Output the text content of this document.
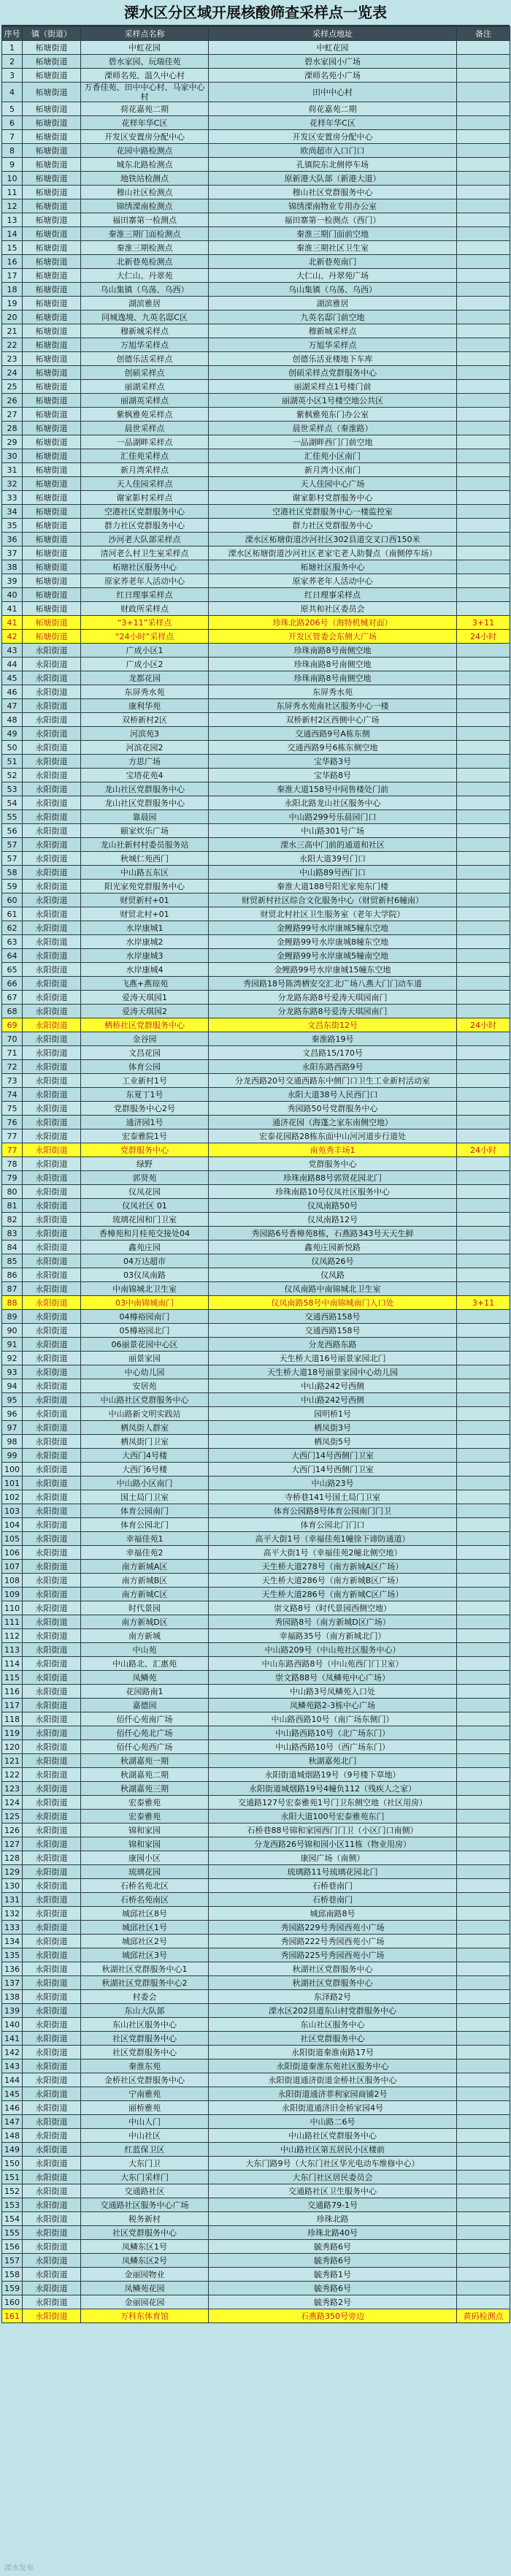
溧水区分区域开展核酸筛查采样点一览表
序号	镇（街道）	采样点名称	采样点地址	备注
1	柘塘街道	中虹花园	中虹花园	
2	柘塘街道	碧水家园、玩瑞佳苑	碧水家园小广场	
3	柘塘街道	溧师名苑、温久中心村	溧师名苑小广场	
4	柘塘街道	万香佳苑、田中中心村、马家中心村	田中中心村	
5	柘塘街道	荷花嘉苑二期	荷花嘉苑二期	
6	柘塘街道	花样年华C区	花样年华C区	
7	柘塘街道	开发区安置房分配中心	开发区安置房分配中心	
8	柘塘街道	花园中路检测点	欧尚超市入口门口	
9	柘塘街道	城东北路检测点	孔镇院东北侧停车场	
10	柘塘街道	地铁站检测点	原新港大队部（新港大道）	
11	柘塘街道	穆山社区检测点	穆山社区党群服务中心	
12	柘塘街道	锦绣溧南检测点	锦绣溧南物业专用办公室	
13	柘塘街道	福田寨第一检测点	福田寨第一检测点（西门）	
14	柘塘街道	秦淮三期门面检测点	秦淮三期门面前空地	
15	柘塘街道	秦淮三期检测点	秦淮三期社区卫生室	
16	柘塘街道	北新巷苑检测点	北新巷苑南门	
17	柘塘街道	大仁山、丹翠苑	大仁山、丹翠苑广场	
18	柘塘街道	乌山集镇（乌荡、乌西）	乌山集镇（乌荡、乌西）	
19	柘塘街道	湖滨雅居	湖滨雅居	
20	柘塘街道	同城逸境、九英名邸C区	九英名邸门前空地	
21	柘塘街道	穆新城采样点	穆新城采样点	
22	柘塘街道	万旭华采样点	万旭华采样点	
23	柘塘街道	创德乐活采样点	创德乐活亚楼地下车库	
24	柘塘街道	创硕采样点	创硕采样点党群服务中心	
25	柘塘街道	丽湖采样点	丽湖采样点1号楼门前	
26	柘塘街道	丽湖英采样点	丽湖英小区1号楼空地公共区	
27	柘塘街道	紫枫雅苑采样点	紫枫雅苑东门办公室	
28	柘塘街道	晨世采样点	晨世采样点（秦淮路）	
29	柘塘街道	一品湖畔采样点	一品湖畔西门门前空地	
30	柘塘街道	汇佳苑采样点	汇佳苑小区南门	
31	柘塘街道	新月湾采样点	新月湾小区南门	
32	柘塘街道	天人佳园采样点	天人佳园中心广场	
33	柘塘街道	谢家影村采样点	谢家影村党群服务中心	
34	柘塘街道	空港社区党群服务中心	空港社区党群服务中心一楼监控室	
35	柘塘街道	群力社区党群服务中心	群力社区党群服务中心	
36	柘塘街道	沙河老大队部采样点	溧水区柘塘街道沙河社区302县道交叉口西150米	
37	柘塘街道	清河老么村卫生室采样点	溧水区柘塘街道沙河社区老家宅老人助餐点（南侧停车场）	
38	柘塘街道	柘塘社区服务中心	柘塘社区服务中心	
39	柘塘街道	原家荞老年人活动中心	原家荞老年人活动中心	
40	柘塘街道	红日理事采样点	红日理事采样点	
41	柘塘街道	财政所采样点	原共和社区委员会	
41	柘塘街道	“3+11”采样点	珍珠北路206号（海特机械对面）	3+11
42	柘塘街道	“24小时”采样点	开发区管委会东侧大广场	24小时
43	永阳街道	广成小区1	珍珠南路8号南侧空地	
44	永阳街道	广成小区2	珍珠南路8号南侧空地	
45	永阳街道	龙都花园	珍珠南路8号南侧空地	
46	永阳街道	东屏秀水苑	东屏秀水苑	
47	永阳街道	康利华苑	东屏秀水苑南社区服务中心一楼	
48	永阳街道	双桥新村2区	双桥新村2区西侧中心广场	
49	永阳街道	河滨苑3	交通西路9号A栋东侧	
50	永阳街道	河滨花园2	交通西路9号6栋东侧空地	
51	永阳街道	方思广场	宝华路3号	
52	永阳街道	宝塔花苑4	宝华路8号	
53	永阳街道	龙山社区党群服务中心	秦淮大道158号中间售楼处门前	
54	永阳街道	龙山社区党群服务中心	永阳北路龙山社区服务中心	
55	永阳街道	靠晨园	中山路299号乐晨园门口	
56	永阳街道	颐家炊乐广场	中山路301号广场	
57	永阳街道	龙山社新村村委员服务站	溧水三高中门前的通道和社区	
57	永阳街道	秋城仁苑西门	永阳大道39号门口	
58	永阳街道	中山路五东区	中山路89号西门口	
59	永阳街道	阳光家苑党群服务中心	秦淮大道188号阳光家苑东门楼	
60	永阳街道	财贸新村+01	财贸新村社区综合文化服务中心（财贸新村6幢南）	
61	永阳街道	财贸北村+01	财贸北村社区卫生服务室（老年大学院）	
62	永阳街道	水岸康城1	金鲤路99号水岸康城5幢东空地	
63	永阳街道	水岸康城2	金鲤路99号水岸康城8幢东空地	
64	永阳街道	水岸康城3	金鲤路99号水岸康城5幢南空地	
65	永阳街道	水岸康城4	金鲤路99号水岸康城15幢东空地	
66	永阳街道	飞燕+燕琼苑	秀园路18号陈湾栖安交汇北广场八燕大门门动车道	
67	永阳街道	爱涛天琪园1	分龙路东路8号爱涛天琪园南门	
68	永阳街道	爱涛天琪园2	分龙路东路8号爱涛天琪园南门	
69	永阳街道	栖桥社区党群服务中心	文昌东街12号	24小时
70	永阳街道	金谷园	秦淮路19号	
71	永阳街道	文昌花园	文昌路15/170号	
72	永阳街道	体育公园	永阳东路西路9号	
73	永阳街道	工业新村1号	分龙西路20号交通西路东中侧门口卫生工业新村活动室	
74	永阳街道	东夏丁1号	永阳大道38号人民西门口	
75	永阳街道	党群服务中心2号	秀园路50号党群服务中心	
76	永阳街道	通济园1号	通济花园（海蓬之家东南侧空地）	
77	永阳街道	宏泰雅院1号	宏泰花园路28栋东面中山河河道步行道处	
77	永阳街道	党群服务中心	南苑秀丰场1	24小时
78	永阳街道	绿野	党群服务中心	
79	永阳街道	郭贤苑	珍珠南路88号郭贤花园北门	
80	永阳街道	仪凤花园	珍珠南路10号仪凤社区服务中心	
81	永阳街道	仪凤社区 01	仪凤南路50号	
82	永阳街道	琉璃花园和门卫室	仪凤南路12号	
83	永阳街道	香樟苑和月桂苑交接处04	秀园路6号香樟苑8栋，石燕路343号天天生鲜	
84	永阳街道	鑫苑庄园	鑫苑庄园新悦路	
85	永阳街道	04万达超市	仪凤路26号	
86	永阳街道	03仪凤南路	仪凤路	
87	永阳街道	中南锦城北卫生室	仪凤南路中南锦城北卫生室	
88	永阳街道	03中南锦城南门	仪凤南路58号中南锦城南门入口处	3+11
89	永阳街道	04樽裕园南门	交通西路158号	
90	永阳街道	05樽裕园北门	交通西路158号	
91	永阳街道	06丽景花园中心区	分龙西路东路	
92	永阳街道	丽景家园	天生桥大道16号丽景家园北门	
93	永阳街道	中心幼儿园	天生桥大道18号丽景家园中心幼儿园	
94	永阳街道	安居苑	中山路242号西侧	
95	永阳街道	中山路社区党群服务中心	中山路242号西侧	
96	永阳街道	中山路新文明实践站	园明桥1号	
97	永阳街道	栖凤街人群室	栖凤街3号	
98	永阳街道	栖凤街门卫室	栖凤街5号	
99	永阳街道	大西门4号楼	大西门14号西侧门卫室	
100	永阳街道	大西门6号楼	大西门14号西侧门卫室	
101	永阳街道	中山路小区南门	中山路23号	
102	永阳街道	国土局门卫室	寺桥巷141号国土局门卫室	
103	永阳街道	体育公园南门	体育公园路8号体育公园南门门卫	
104	永阳街道	体育公园北门	体育公园北门门口	
105	永阳街道	幸福佳苑1	高平大街1号（幸福佳苑1幢徐下谛防通道）	
106	永阳街道	幸福佳苑2	高平大街1号（幸福佳苑2幢北侧空地）	
107	永阳街道	南方新城A区	天生桥大道278号（南方新城A区广场）	
108	永阳街道	南方新城B区	天生桥大道286号（南方新城B区广场）	
109	永阳街道	南方新城C区	天生桥大道286号（南方新城C区广场）	
110	永阳街道	时代景园	崇文路8号（时代景园西侧空地）	
111	永阳街道	南方新城D区	秀园路8号（南方新城D区广场）	
112	永阳街道	南方新城	幸福路35号（南方新城北门）	
113	永阳街道	中山苑	中山路209号（中山苑社区服务中心）	
114	永阳街道	中山路北、汇惠苑	中山东路西路8号（中山苑西门门卫室）	
115	永阳街道	凤鳞苑	崇文路88号（凤鳞苑中心广场）	
116	永阳街道	花园路南1	中山路3号凤鳞苑入口处	
117	永阳街道	嘉德园	凤鳞苑路2-3栋中心广场	
118	永阳街道	佰仟心苑南广场	中山路西路10号（南广场东侧门）	
119	永阳街道	佰仟心苑北广场	中山路西路10号（北广场东门）	
120	永阳街道	佰仟心苑西广场	中山路西路10号（西广场东门）	
121	永阳街道	秋湖嘉苑一期	秋湖嘉苑北门	
122	永阳街道	秋湖嘉苑二期	永阳街道城烟路19号（9号楼下草地）	
123	永阳街道	秋湖嘉苑三期	永阳街道城烟路19号4幢负112（残疾人之家）	
124	永阳街道	宏泰雅苑	交通路127号宏泰雅苑1号门卫东侧空地（社区用房）	
125	永阳街道	宏泰雅苑	永阳大道100号宏泰雅苑东门	
126	永阳街道	锦和家园	石桥巷88号锦和家园西门门卫（小区门口南侧）	
127	永阳街道	锦和家园	分龙西路26号锦和园小区11栋（物业用房）	
128	永阳街道	康园小区	康园广场（南侧）	
129	永阳街道	琉璃花园	琉璃路11号琉璃花园北门	
130	永阳街道	石桥名苑北区	石桥巷南门	
131	永阳街道	石桥名苑南区	石桥巷南门	
132	永阳街道	城邱社区8号	城邱南路8号	
133	永阳街道	城邱社区1号	秀园路229号秀园西苑小广场	
134	永阳街道	城邱社区2号	秀园路222号秀园西苑小广场	
135	永阳街道	城邱社区3号	秀园路225号秀园西苑小广场	
136	永阳街道	秋湖社区党群服务中心1	秋湖社区党群服务中心	
137	永阳街道	秋湖社区党群服务中心2	秋湖社区党群服务中心	
138	永阳街道	村委会	东泽路2号	
139	永阳街道	东山大队部	溧水区202县道东山村党群服务中心	
140	永阳街道	东山社区服务中心	东山社区服务中心	
141	永阳街道	社区党群服务中心	社区党群服务中心	
142	永阳街道	社区党群服务中心	永阳街道秦淮南路17号	
143	永阳街道	秦淮东苑	永阳街道秦淮东苑社区服务中心	
144	永阳街道	金桥社区党群服务中心	永阳街道通济街道金桥社区服务中心	
145	永阳街道	宁南雅苑	永阳街道通济菲利家园商铺2号	
146	永阳街道	丽桥雅苑	永阳街道通济旧金桥家园4号	
147	永阳街道	中山人门	中山路二6号	
148	永阳街道	中山社区	中山路社区党群服务中心	
149	永阳街道	红蓝保卫区	中山路社区第五居民小区楼前	
150	永阳街道	大东门卫	大东门路9号（大东门社区华光电动车维修中心）	
151	永阳街道	大东门采样门	大东门社区居民委员会	
152	永阳街道	交通路社区	交通路社区卫生服务中心	
153	永阳街道	交通路社区服务中心广场	交通路79-1号	
154	永阳街道	税务新村	珍珠北路	
155	永阳街道	社区党群服务中心	珍珠北路40号	
156	永阳街道	凤鳞东区1号	毓秀路6号	
157	永阳街道	凤鳞东区2号	毓秀路6号	
158	永阳街道	金丽园物业	毓秀路1号	
159	永阳街道	凤鳞苑花园	毓秀路6号	
160	永阳街道	金丽园花园	毓秀路2号	
161	永阳街道	万科东体育馆	石燕路350号旁边	黄码检测点
溧水发布
